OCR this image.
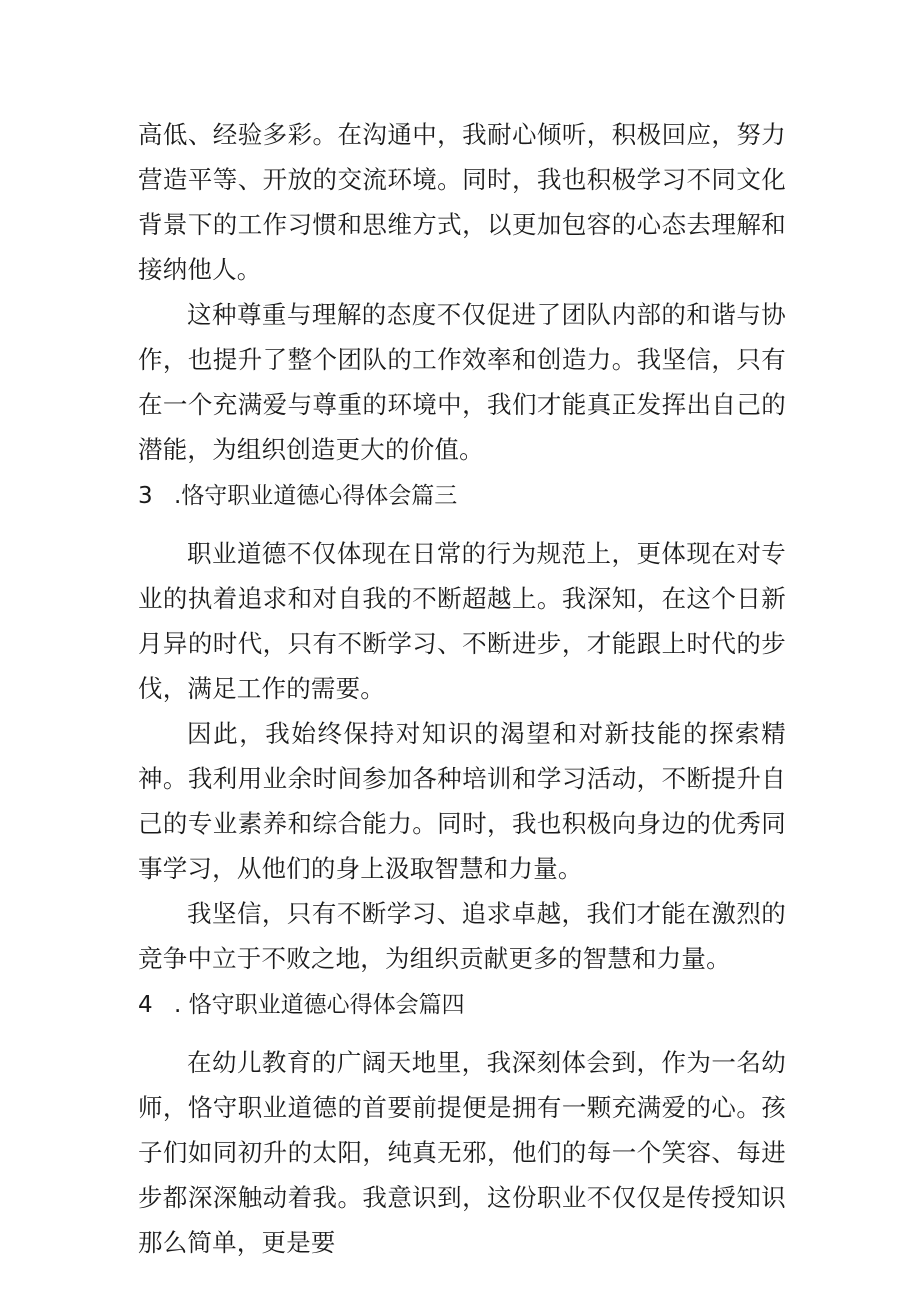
高低、经验多彩。在沟通中，我耐心倾听，积极回应，努力营造平等、开放的交流环境。同时，我也积极学习不同文化背景下的工作习惯和思维方式，以更加包容的心态去理解和接纳他人。

这种尊重与理解的态度不仅促进了团队内部的和谐与协作，也提升了整个团队的工作效率和创造力。我坚信，只有在一个充满爱与尊重的环境中，我们才能真正发挥出自己的潜能，为组织创造更大的价值。

3 .恪守职业道德心得体会篇三

职业道德不仅体现在日常的行为规范上，更体现在对专业的执着追求和对自我的不断超越上。我深知，在这个日新月异的时代，只有不断学习、不断进步，才能跟上时代的步伐，满足工作的需要。

因此，我始终保持对知识的渴望和对新技能的探索精神。我利用业余时间参加各种培训和学习活动，不断提升自己的专业素养和综合能力。同时，我也积极向身边的优秀同事学习，从他们的身上汲取智慧和力量。

我坚信，只有不断学习、追求卓越，我们才能在激烈的竞争中立于不败之地，为组织贡献更多的智慧和力量。

4 . 恪守职业道德心得体会篇四

在幼儿教育的广阔天地里，我深刻体会到，作为一名幼师，恪守职业道德的首要前提便是拥有一颗充满爱的心。孩子们如同初升的太阳，纯真无邪，他们的每一个笑容、每进步都深深触动着我。我意识到，这份职业不仅仅是传授知识那么简单，更是要
